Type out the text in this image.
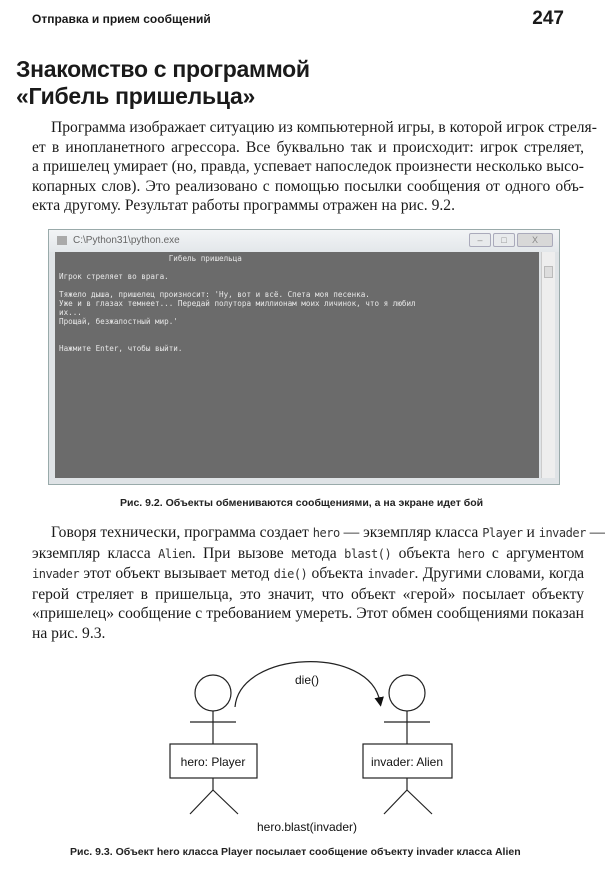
Отправка и прием сообщений	247
Знакомство с программой
«Гибель пришельца»
Программа изображает ситуацию из компьютерной игры, в которой игрок стреля-
ет в инопланетного агрессора. Все буквально так и происходит: игрок стреляет,
а пришелец умирает (но, правда, успевает напоследок произнести несколько высо-
копарных слов). Это реализовано с помощью посылки сообщения от одного объ-
екта другому. Результат работы программы отражен на рис. 9.2.
C:\Python31\python.exe	–	□	X
Гибель пришельца
Игрок стреляет во врага.
Тяжело дыша, пришелец произносит: 'Ну, вот и всё. Спета моя песенка.
Уже и в глазах темнеет... Передай полутора миллионам моих личинок, что я любил
их...
Прощай, безжалостный мир.'
Нажмите Enter, чтобы выйти.
Рис. 9.2. Объекты обмениваются сообщениями, а на экране идет бой
Говоря технически, программа создает hero — экземпляр класса Player и invader —
экземпляр класса Alien. При вызове метода blast() объекта hero с аргументом
invader этот объект вызывает метод die() объекта invader. Другими словами, когда
герой стреляет в пришельца, это значит, что объект «герой» посылает объекту
«пришелец» сообщение с требованием умереть. Этот обмен сообщениями показан
на рис. 9.3.
die()
hero: Player	invader: Alien
hero.blast(invader)
Рис. 9.3. Объект hero класса Player посылает сообщение объекту invader класса Alien
